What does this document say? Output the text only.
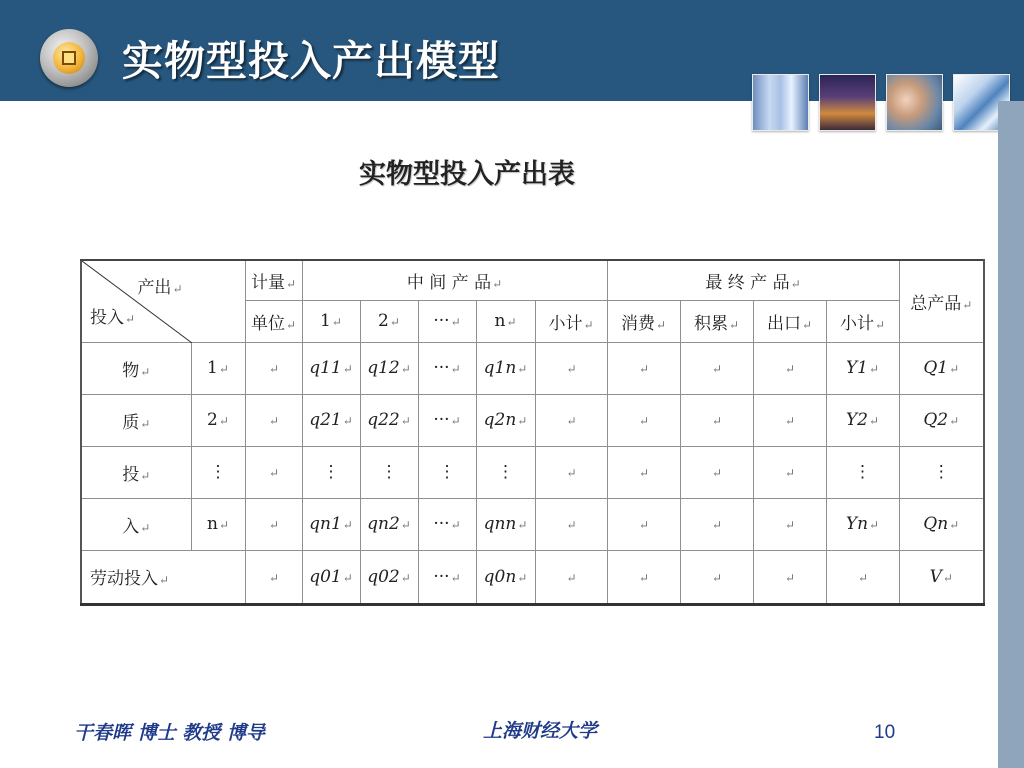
实物型投入产出模型
实物型投入产出表
产出↵
投入↵		计量↵	中 间 产 品↵					最 终 产 品↵				总产品↵
		单位↵	1↵	2↵	···↵	n↵	小计↵	消费↵	积累↵	出口↵	小计↵	
物↵	1↵	↵	q11↵	q12↵	···↵	q1n↵	↵	↵	↵	↵	Y1↵	Q1↵
质↵	2↵	↵	q21↵	q22↵	···↵	q2n↵	↵	↵	↵	↵	Y2↵	Q2↵
投↵	⋮	↵	⋮	⋮	⋮	⋮	↵	↵	↵	↵	⋮	⋮
入↵	n↵	↵	qn1↵	qn2↵	···↵	qnn↵	↵	↵	↵	↵	Yn↵	Qn↵
劳动投入↵		↵	q01↵	q02↵	···↵	q0n↵	↵	↵	↵	↵	↵	V↵
干春晖 博士 教授 博导	上海财经大学	10
